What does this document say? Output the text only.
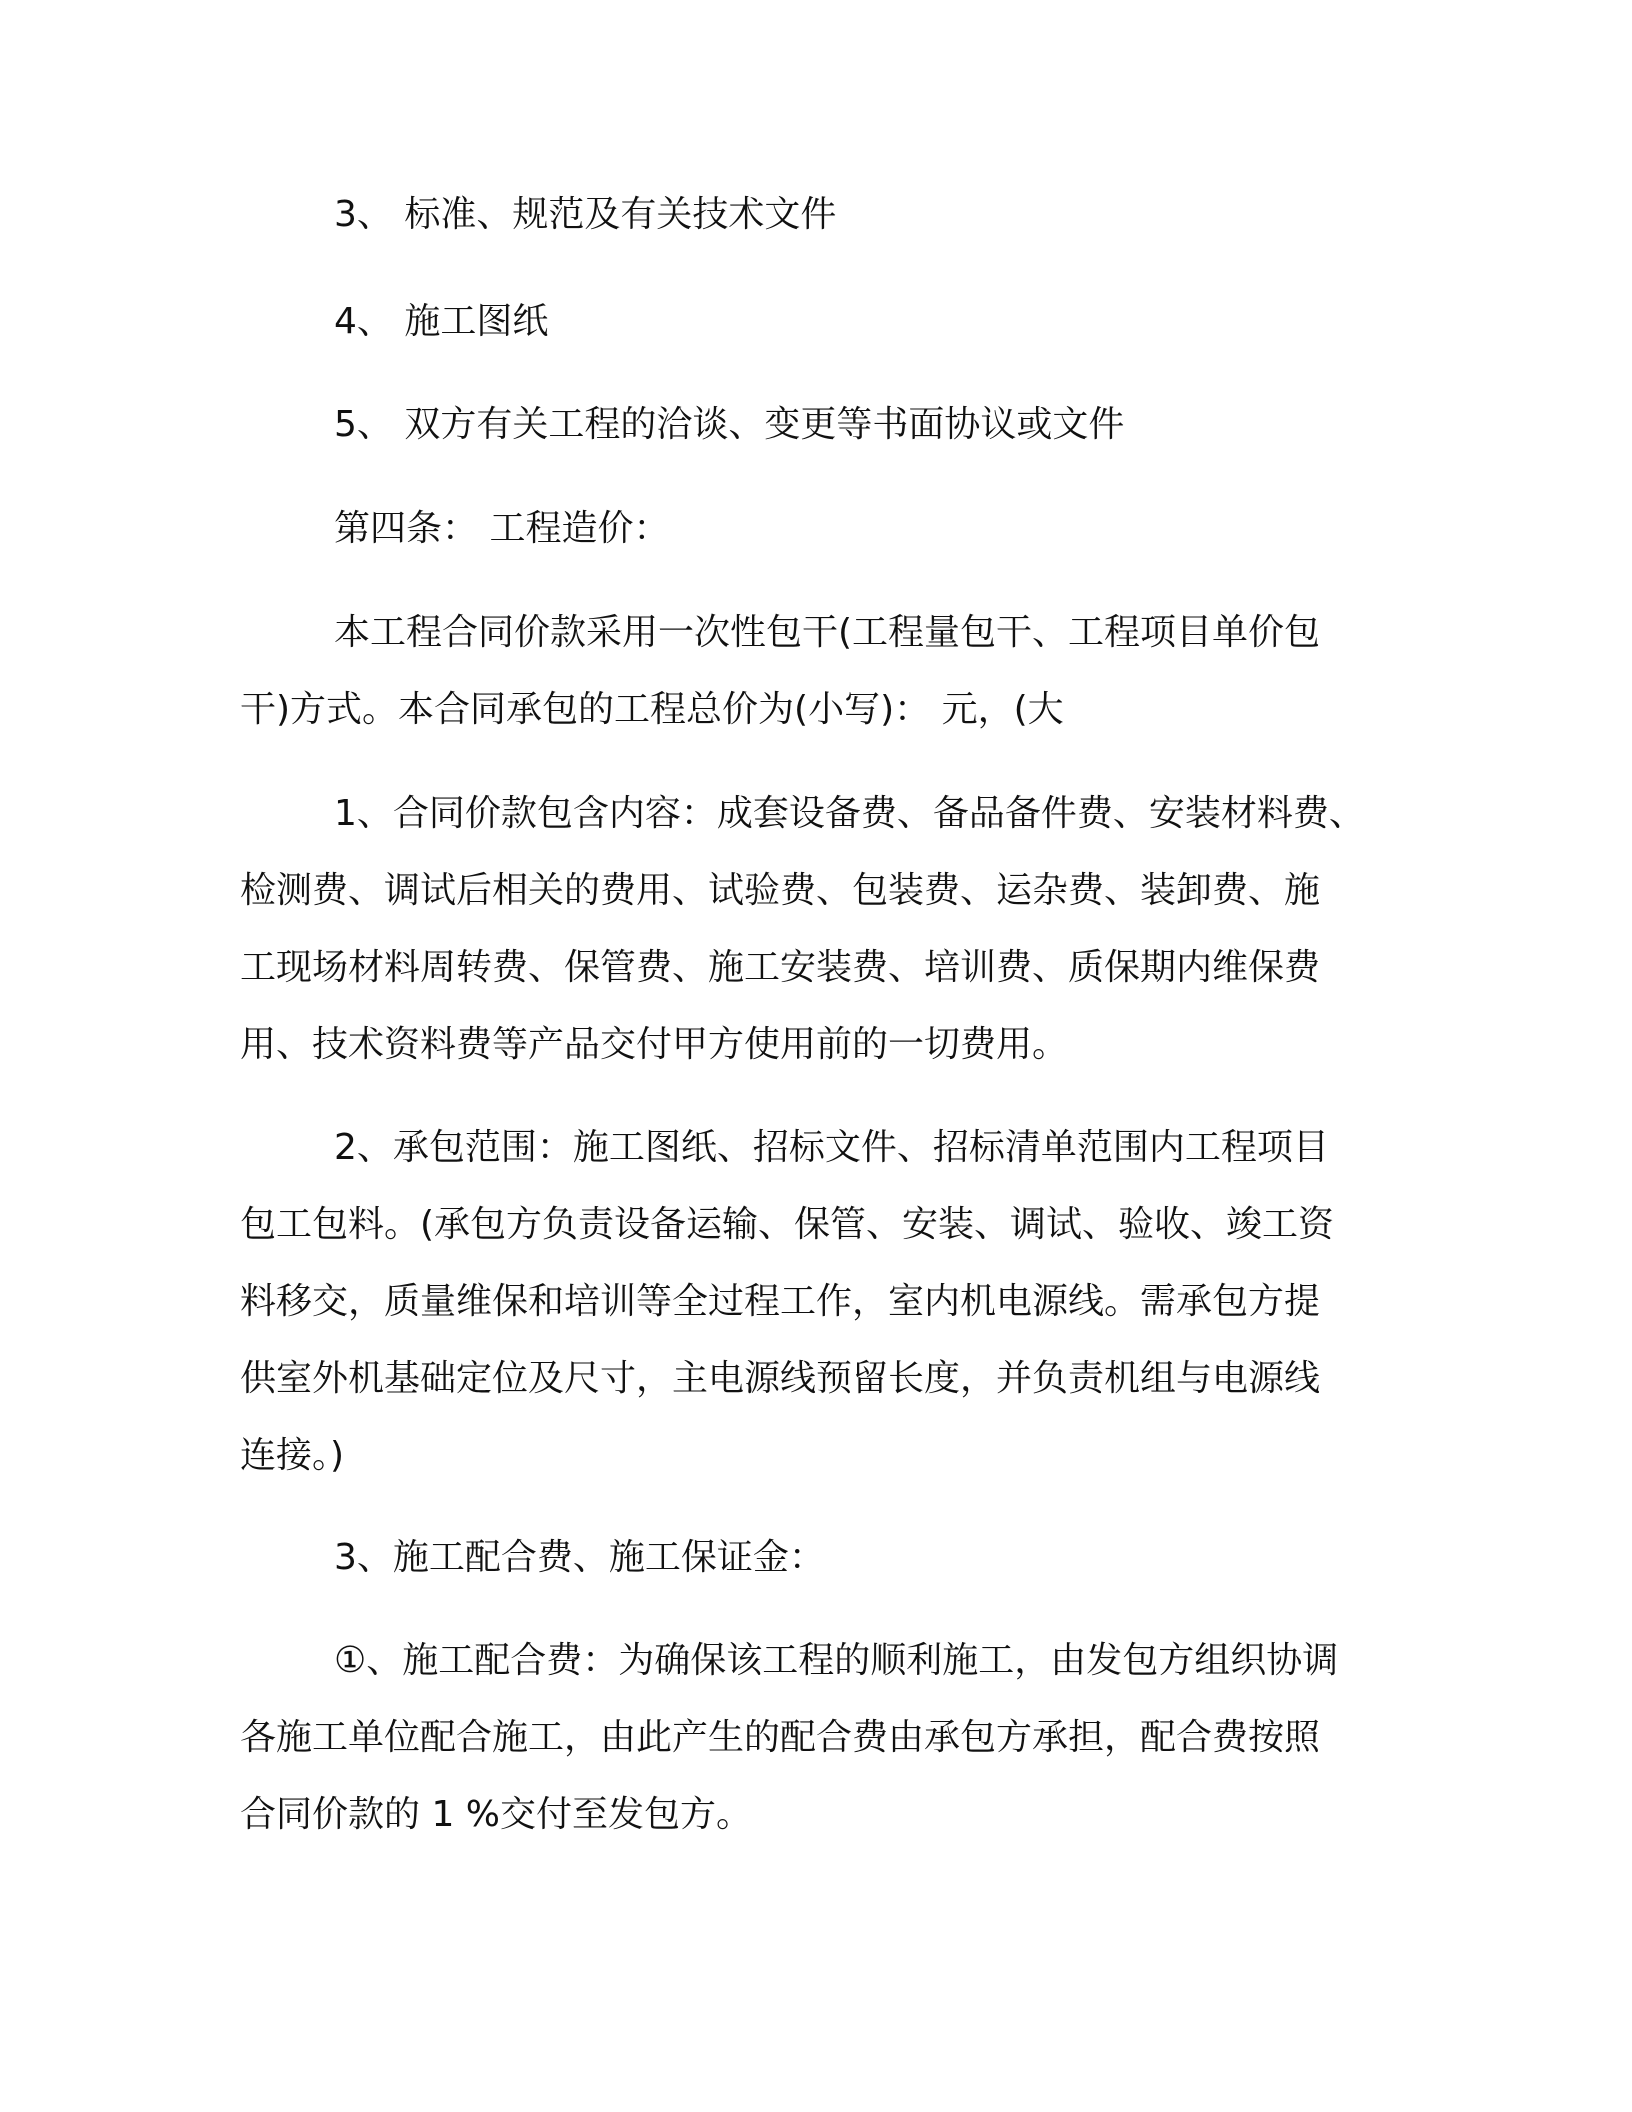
3、 标准、规范及有关技术文件

4、 施工图纸

5、 双方有关工程的洽谈、变更等书面协议或文件

第四条： 工程造价：

本工程合同价款采用一次性包干(工程量包干、工程项目单价包
干)方式。本合同承包的工程总价为(小写)： 元，(大

1、合同价款包含内容：成套设备费、备品备件费、安装材料费、
检测费、调试后相关的费用、试验费、包装费、运杂费、装卸费、施
工现场材料周转费、保管费、施工安装费、培训费、质保期内维保费
用、技术资料费等产品交付甲方使用前的一切费用。

2、承包范围：施工图纸、招标文件、招标清单范围内工程项目
包工包料。(承包方负责设备运输、保管、安装、调试、验收、竣工资
料移交，质量维保和培训等全过程工作，室内机电源线。需承包方提
供室外机基础定位及尺寸，主电源线预留长度，并负责机组与电源线
连接。)

3、施工配合费、施工保证金：

①、施工配合费：为确保该工程的顺利施工，由发包方组织协调
各施工单位配合施工，由此产生的配合费由承包方承担，配合费按照
合同价款的 1 %交付至发包方。
